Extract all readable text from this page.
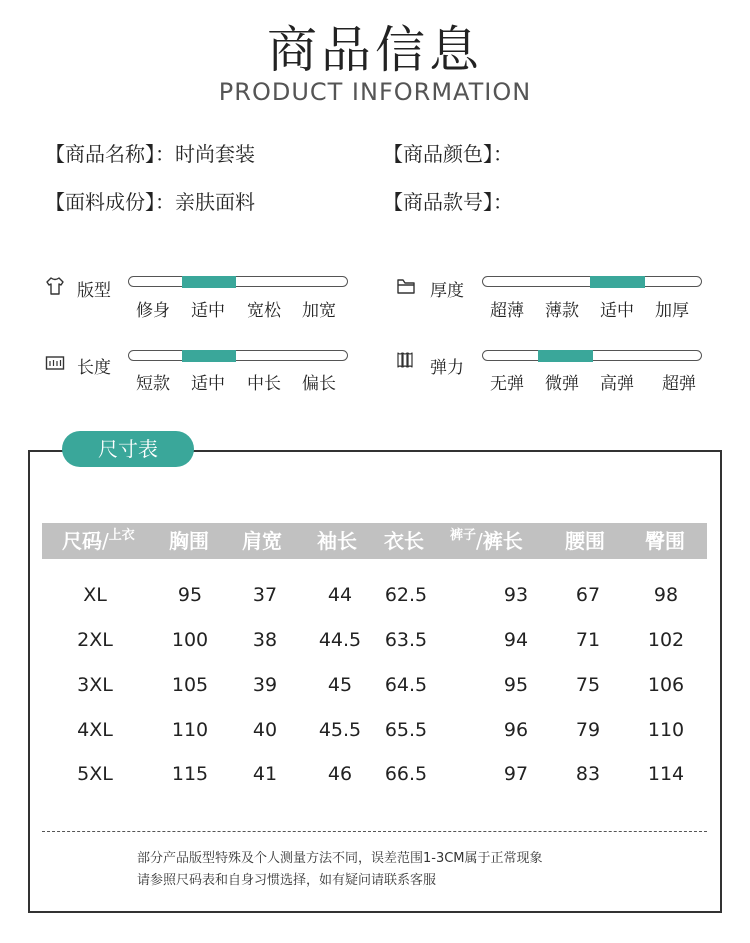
商品信息
PRODUCT INFORMATION
【商品名称】：时尚套装	【商品颜色】：
【面料成份】：亲肤面料	【商品款号】：
版型
修身 适中 宽松 加宽
厚度
超薄 薄款 适中 加厚
长度
短款 适中 中长 偏长
弹力
无弹 微弹 高弹 超弹
尺寸表
尺码/$^{上衣}$ 胸围 肩宽 袖长 衣长 $^{裤子}$/裤长 腰围 臀围
XL	95	37	44	62.5	93	67	98
2XL	100	38	44.5	63.5	94	71	102
3XL	105	39	45	64.5	95	75	106
4XL	110	40	45.5	65.5	96	79	110
5XL	115	41	46	66.5	97	83	114
部分产品版型特殊及个人测量方法不同，误差范围1-3CM属于正常现象
请参照尺码表和自身习惯选择，如有疑问请联系客服
